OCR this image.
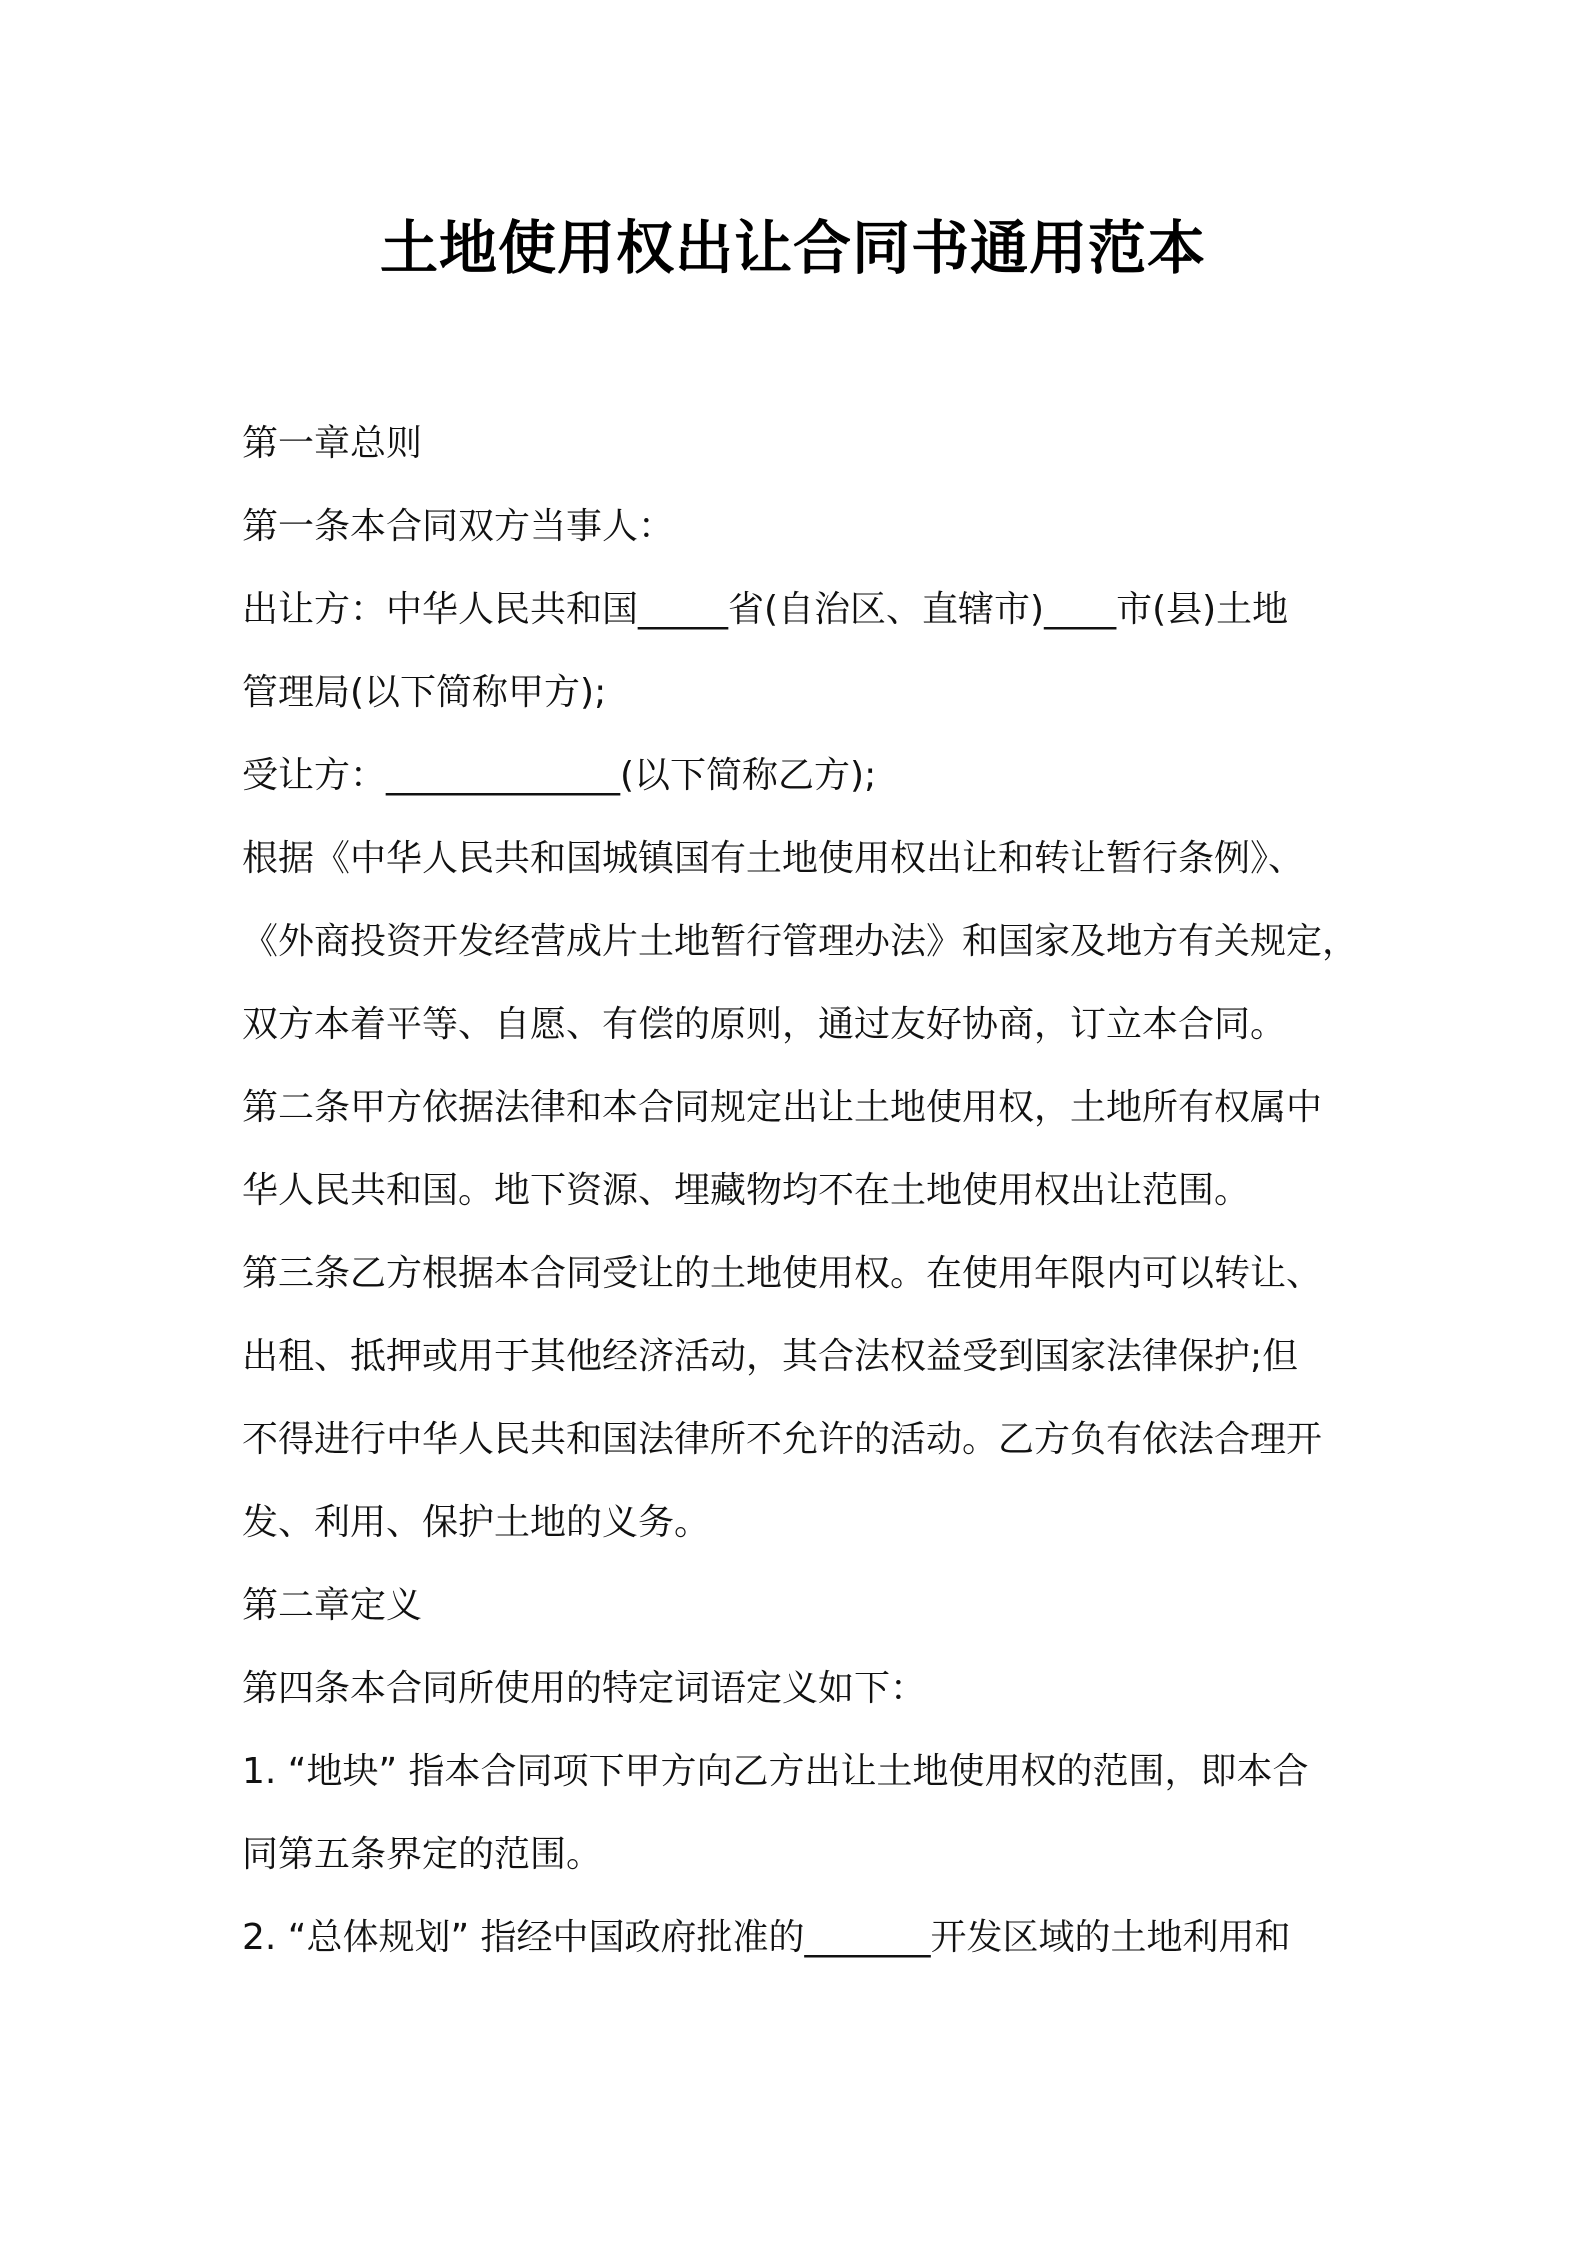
土地使用权出让合同书通用范本

第一章总则

第一条本合同双方当事人：

出让方：中华人民共和国_____省(自治区、直辖市)____市(县)土地

管理局(以下简称甲方);

受让方：_____________(以下简称乙方);

根据《中华人民共和国城镇国有土地使用权出让和转让暂行条例》、

《外商投资开发经营成片土地暂行管理办法》和国家及地方有关规定，

双方本着平等、自愿、有偿的原则，通过友好协商，订立本合同。

第二条甲方依据法律和本合同规定出让土地使用权，土地所有权属中

华人民共和国。地下资源、埋藏物均不在土地使用权出让范围。

第三条乙方根据本合同受让的土地使用权。在使用年限内可以转让、

出租、抵押或用于其他经济活动，其合法权益受到国家法律保护;但

不得进行中华人民共和国法律所不允许的活动。乙方负有依法合理开

发、利用、保护土地的义务。

第二章定义

第四条本合同所使用的特定词语定义如下：

1. “地块” 指本合同项下甲方向乙方出让土地使用权的范围，即本合

同第五条界定的范围。

2. “总体规划” 指经中国政府批准的_______开发区域的土地利用和
